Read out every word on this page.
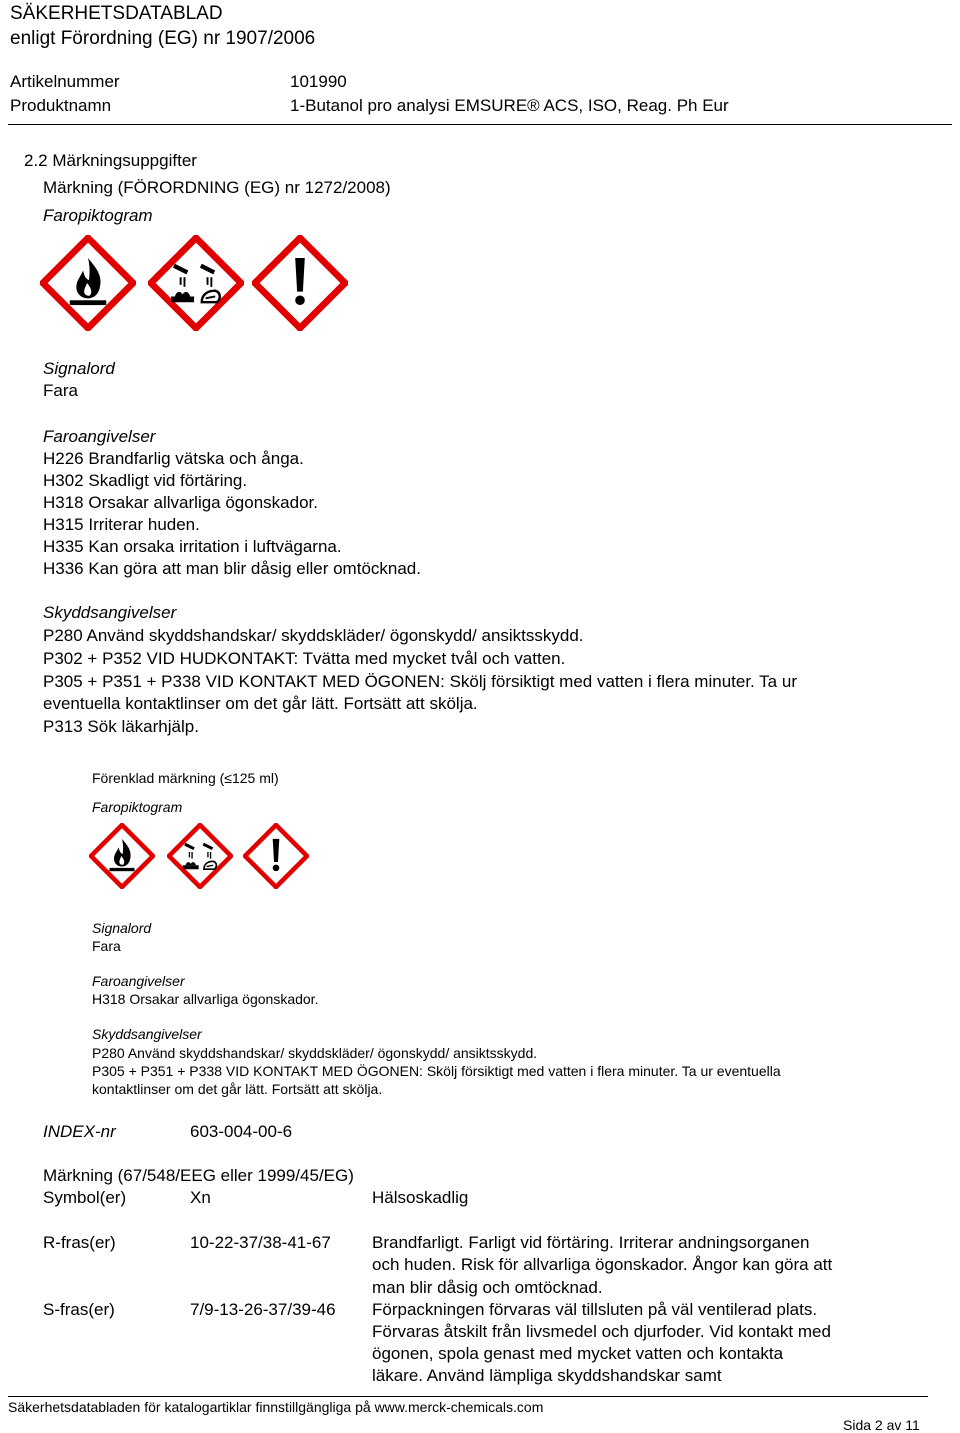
SÄKERHETSDATABLAD
enligt Förordning (EG) nr 1907/2006
Artikelnummer	101990
Produktnamn	1-Butanol pro analysi EMSURE® ACS, ISO, Reag. Ph Eur
2.2 Märkningsuppgifter
Märkning (FÖRORDNING (EG) nr 1272/2008)
Faropiktogram
Signalord
Fara
Faroangivelser
H226 Brandfarlig vätska och ånga.
H302 Skadligt vid förtäring.
H318 Orsakar allvarliga ögonskador.
H315 Irriterar huden.
H335 Kan orsaka irritation i luftvägarna.
H336 Kan göra att man blir dåsig eller omtöcknad.
Skyddsangivelser
P280 Använd skyddshandskar/ skyddskläder/ ögonskydd/ ansiktsskydd.
P302 + P352 VID HUDKONTAKT: Tvätta med mycket tvål och vatten.
P305 + P351 + P338 VID KONTAKT MED ÖGONEN: Skölj försiktigt med vatten i flera minuter. Ta ur
eventuella kontaktlinser om det går lätt. Fortsätt att skölja.
P313 Sök läkarhjälp.
Förenklad märkning (≤125 ml)
Faropiktogram
Signalord
Fara
Faroangivelser
H318 Orsakar allvarliga ögonskador.
Skyddsangivelser
P280 Använd skyddshandskar/ skyddskläder/ ögonskydd/ ansiktsskydd.
P305 + P351 + P338 VID KONTAKT MED ÖGONEN: Skölj försiktigt med vatten i flera minuter. Ta ur eventuella
kontaktlinser om det går lätt. Fortsätt att skölja.
INDEX-nr	603-004-00-6
Märkning (67/548/EEG eller 1999/45/EG)
Symbol(er)	Xn	Hälsoskadlig
R-fras(er)	10-22-37/38-41-67 Brandfarligt. Farligt vid förtäring. Irriterar andningsorganen
och huden. Risk för allvarliga ögonskador. Ångor kan göra att
man blir dåsig och omtöcknad.
S-fras(er)	7/9-13-26-37/39-46 Förpackningen förvaras väl tillsluten på väl ventilerad plats.
Förvaras åtskilt från livsmedel och djurfoder. Vid kontakt med
ögonen, spola genast med mycket vatten och kontakta
läkare. Använd lämpliga skyddshandskar samt
Säkerhetsdatabladen för katalogartiklar finnstillgängliga på www.merck-chemicals.com
Sida 2 av 11
